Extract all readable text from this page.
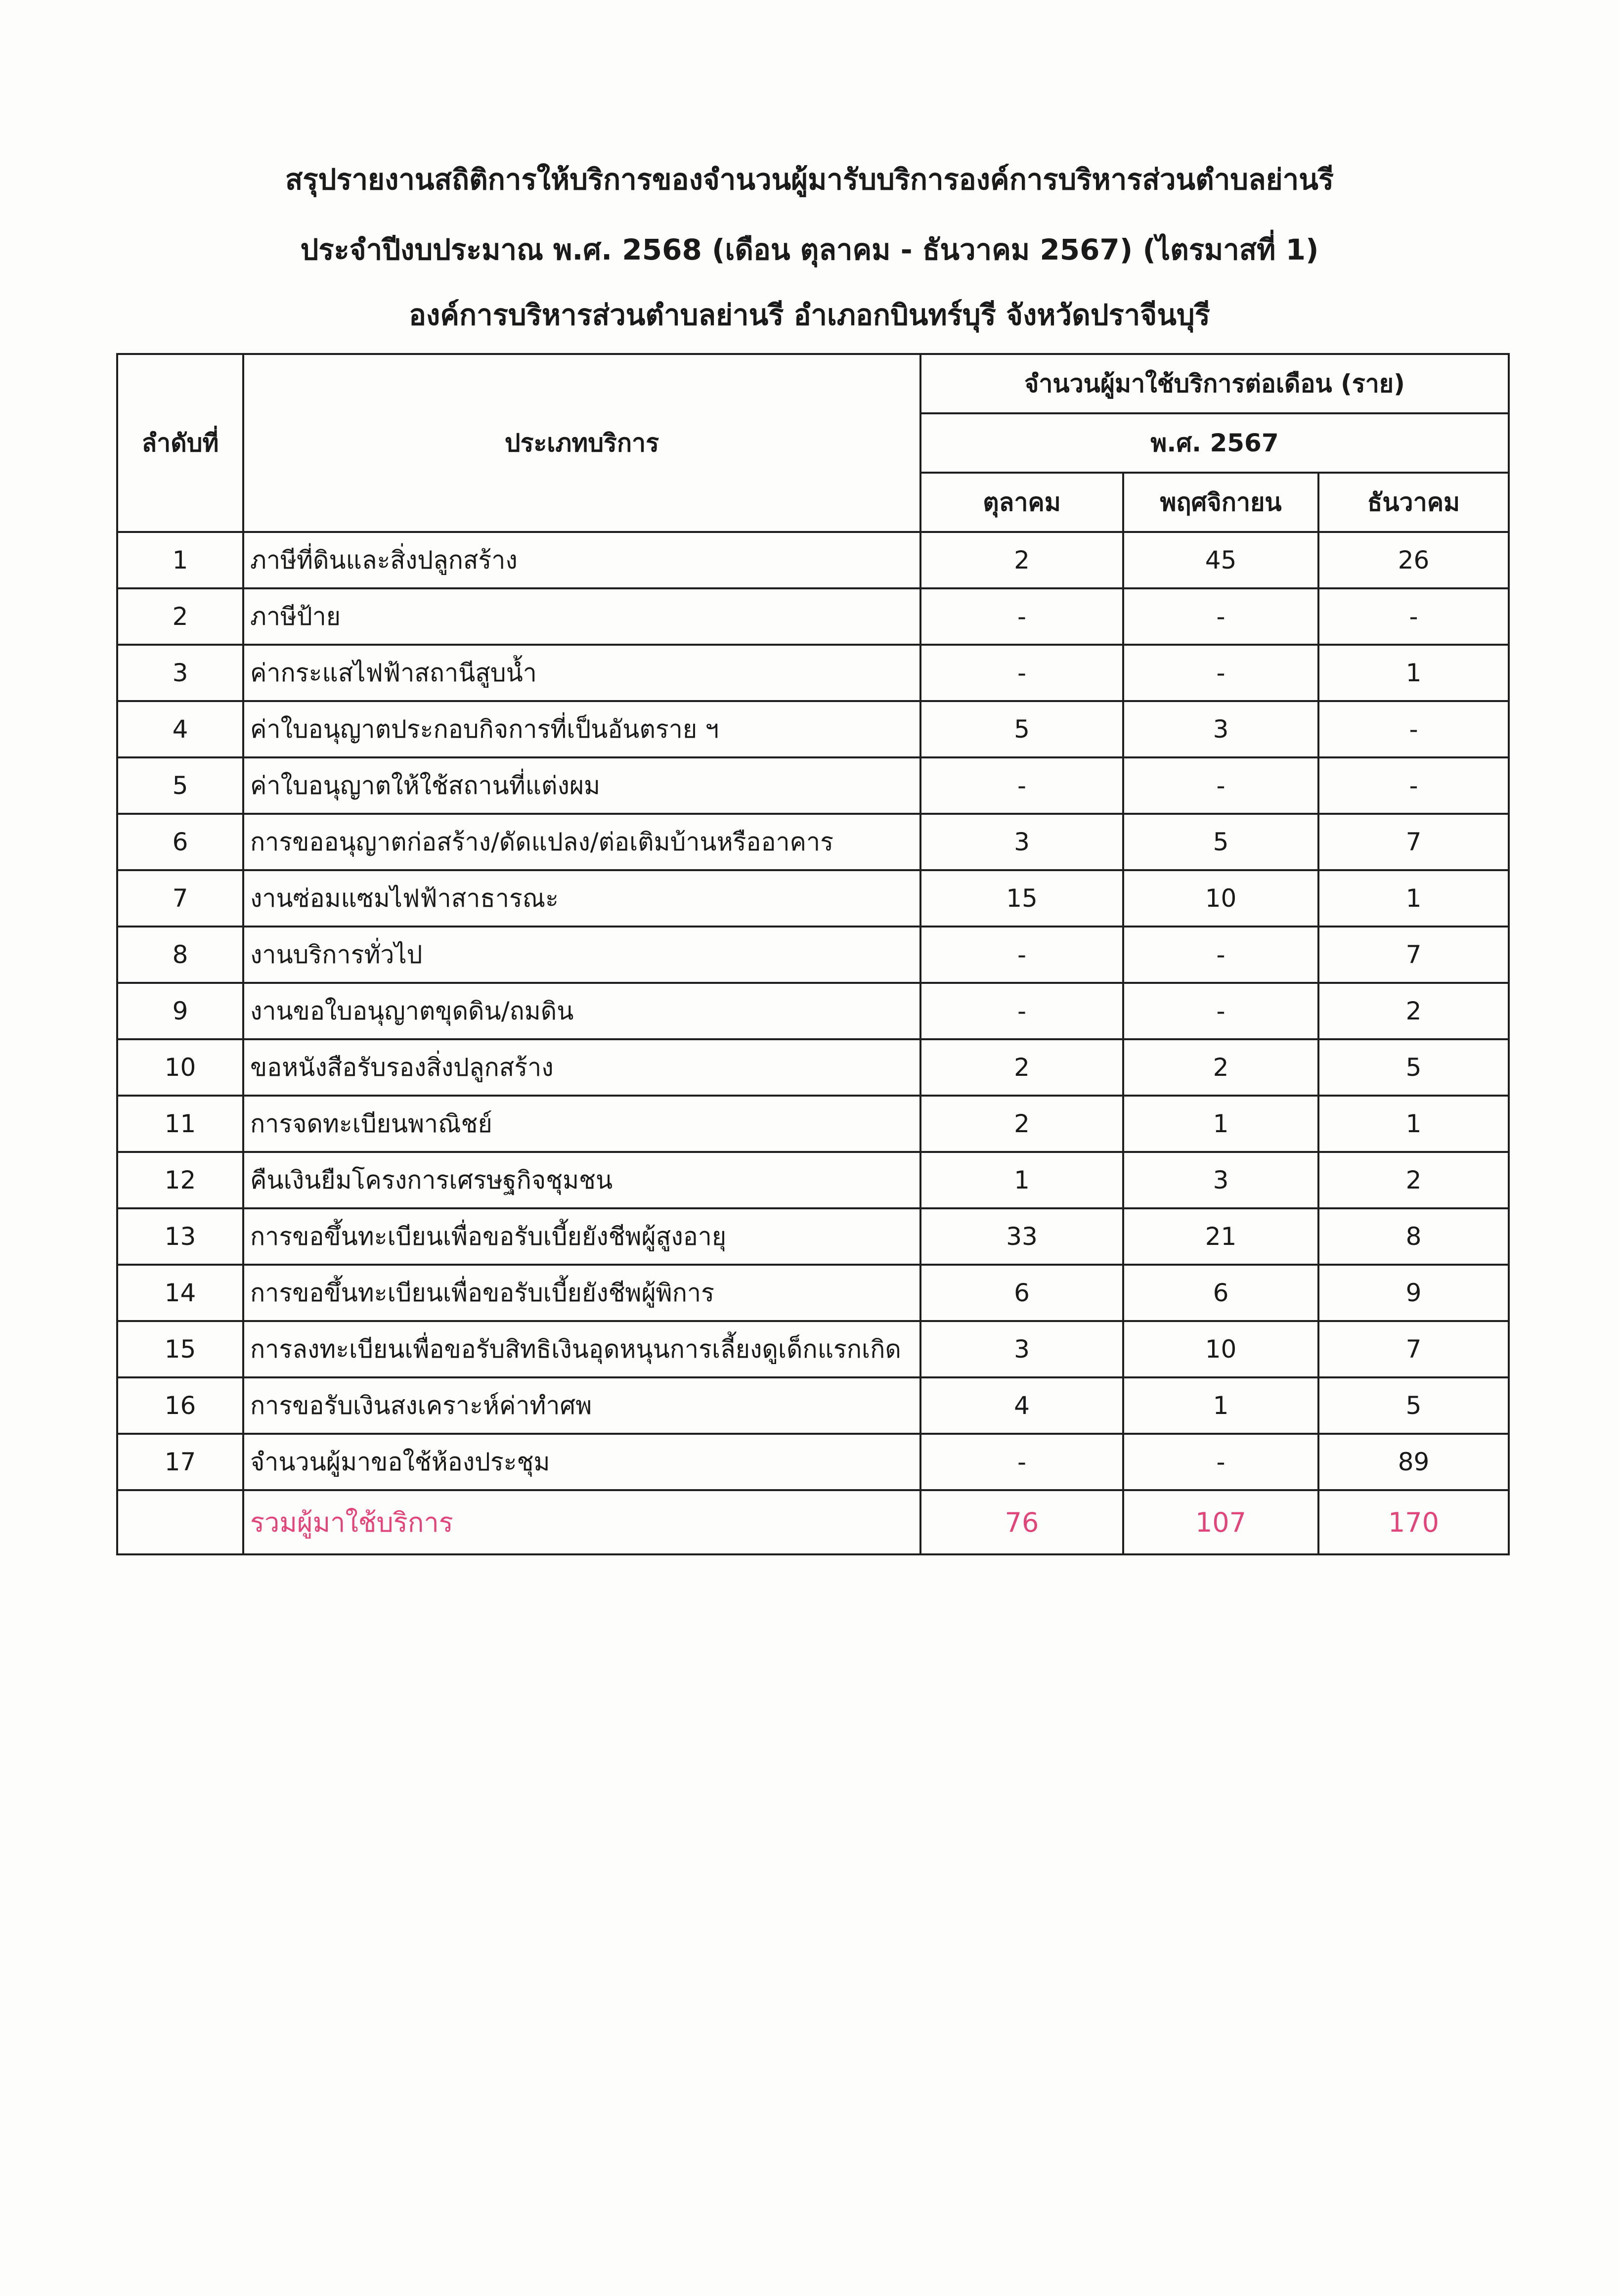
สรุปรายงานสถิติการให้บริการของจำนวนผู้มารับบริการองค์การบริหารส่วนตำบลย่านรี
ประจำปีงบประมาณ พ.ศ. 2568 (เดือน ตุลาคม - ธันวาคม 2567) (ไตรมาสที่ 1)
องค์การบริหารส่วนตำบลย่านรี อำเภอกบินทร์บุรี จังหวัดปราจีนบุรี
ลำดับที่	ประเภทบริการ	จำนวนผู้มาใช้บริการต่อเดือน (ราย)		
		พ.ศ. 2567		
		ตุลาคม	พฤศจิกายน	ธันวาคม
1	ภาษีที่ดินและสิ่งปลูกสร้าง	2	45	26
2	ภาษีป้าย	-	-	-
3	ค่ากระแสไฟฟ้าสถานีสูบน้ำ	-	-	1
4	ค่าใบอนุญาตประกอบกิจการที่เป็นอันตราย ฯ	5	3	-
5	ค่าใบอนุญาตให้ใช้สถานที่แต่งผม	-	-	-
6	การขออนุญาตก่อสร้าง/ดัดแปลง/ต่อเติมบ้านหรืออาคาร	3	5	7
7	งานซ่อมแซมไฟฟ้าสาธารณะ	15	10	1
8	งานบริการทั่วไป	-	-	7
9	งานขอใบอนุญาตขุดดิน/ถมดิน	-	-	2
10	ขอหนังสือรับรองสิ่งปลูกสร้าง	2	2	5
11	การจดทะเบียนพาณิชย์	2	1	1
12	คืนเงินยืมโครงการเศรษฐกิจชุมชน	1	3	2
13	การขอขึ้นทะเบียนเพื่อขอรับเบี้ยยังชีพผู้สูงอายุ	33	21	8
14	การขอขึ้นทะเบียนเพื่อขอรับเบี้ยยังชีพผู้พิการ	6	6	9
15	การลงทะเบียนเพื่อขอรับสิทธิเงินอุดหนุนการเลี้ยงดูเด็กแรกเกิด	3	10	7
16	การขอรับเงินสงเคราะห์ค่าทำศพ	4	1	5
17	จำนวนผู้มาขอใช้ห้องประชุม	-	-	89
	รวมผู้มาใช้บริการ	76	107	170
